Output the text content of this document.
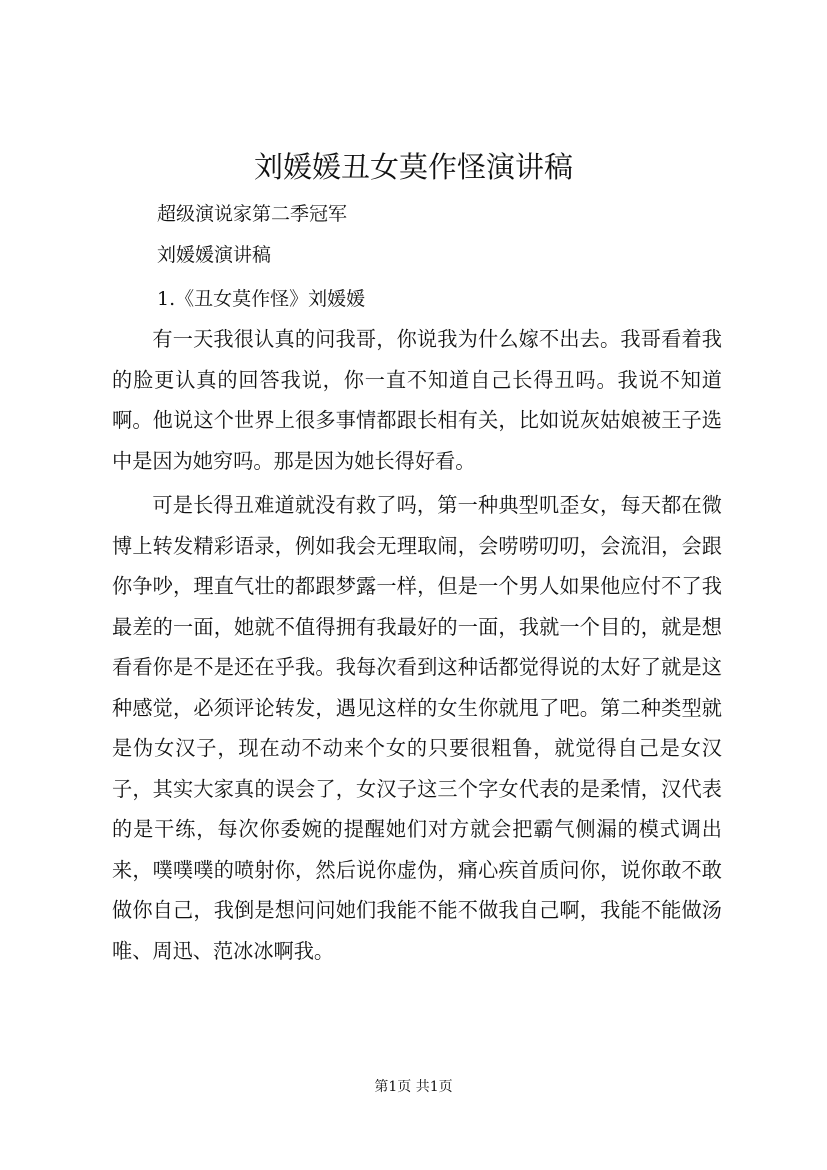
刘媛媛丑女莫作怪演讲稿

超级演说家第二季冠军

刘媛媛演讲稿

1.《丑女莫作怪》刘媛媛

有一天我很认真的问我哥，你说我为什么嫁不出去。我哥看着我的脸更认真的回答我说，你一直不知道自己长得丑吗。我说不知道啊。他说这个世界上很多事情都跟长相有关，比如说灰姑娘被王子选中是因为她穷吗。那是因为她长得好看。

可是长得丑难道就没有救了吗，第一种典型叽歪女，每天都在微博上转发精彩语录，例如我会无理取闹，会唠唠叨叨，会流泪，会跟你争吵，理直气壮的都跟梦露一样，但是一个男人如果他应付不了我最差的一面，她就不值得拥有我最好的一面，我就一个目的，就是想看看你是不是还在乎我。我每次看到这种话都觉得说的太好了就是这种感觉，必须评论转发，遇见这样的女生你就甩了吧。第二种类型就是伪女汉子，现在动不动来个女的只要很粗鲁，就觉得自己是女汉子，其实大家真的误会了，女汉子这三个字女代表的是柔情，汉代表的是干练，每次你委婉的提醒她们对方就会把霸气侧漏的模式调出来，噗噗噗的喷射你，然后说你虚伪，痛心疾首质问你，说你敢不敢做你自己，我倒是想问问她们我能不能不做我自己啊，我能不能做汤唯、周迅、范冰冰啊我。

第1页 共1页
